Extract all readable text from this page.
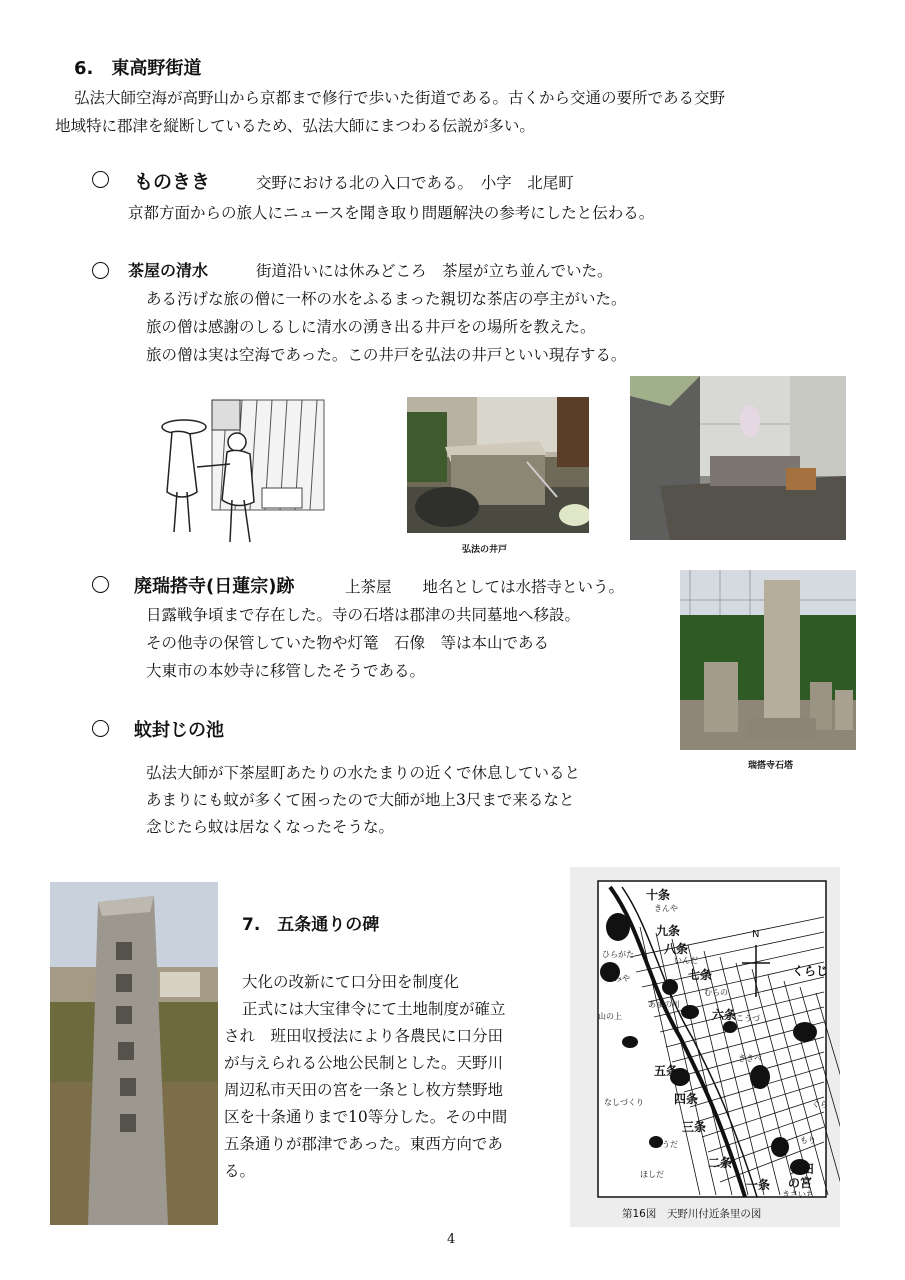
6.　東高野街道
弘法大師空海が高野山から京都まで修行で歩いた街道である。古くから交通の要所である交野
地域特に郡津を縦断しているため、弘法大師にまつわる伝説が多い。
ものきき	交野における北の入口である。　小字　北尾町
京都方面からの旅人にニュースを聞き取り問題解決の参考にしたと伝わる。
茶屋の清水	街道沿いには休みどころ　茶屋が立ち並んでいた。
ある汚げな旅の僧に一杯の水をふるまった親切な茶店の亭主がいた。
旅の僧は感謝のしるしに清水の湧き出る井戸をの場所を教えた。
旅の僧は実は空海であった。この井戸を弘法の井戸といい現存する。
弘法の井戸
廃瑞搭寺(日蓮宗)跡	上茶屋　　地名としては水搭寺という。
日露戦争頃まで存在した。寺の石塔は郡津の共同墓地へ移設。
その他寺の保管していた物や灯篭　石像　等は本山である
大東市の本妙寺に移管したそうである。
瑞搭寺石塔
蚊封じの池
弘法大師が下茶屋町あたりの水たまりの近くで休息していると
あまりにも蚊が多くて困ったので大師が地上3尺まで来るなと
念じたら蚊は居なくなったそうな。
7.　五条通りの碑
大化の改新にて口分田を制度化
正式には大宝律令にて土地制度が確立
され　班田収授法により各農民に口分田
が与えられる公地公民制とした。天野川
周辺私市天田の宮を一条とし枚方禁野地
区を十条通りまで10等分した。その中間
五条通りが郡津であった。東西方向であ
る。
N
十条
九条
八条
七条
六条
五条
四条
三条
二条
一条
天田
の宮
くらじ
きんや
いんだ
ひらがた
たみや
むらの
こうづ
山の上
あまの川
ききべ
なしづくり
こうだ	もり
ほしだ
きさいち
ぐら
第16図　天野川付近条里の図
4
